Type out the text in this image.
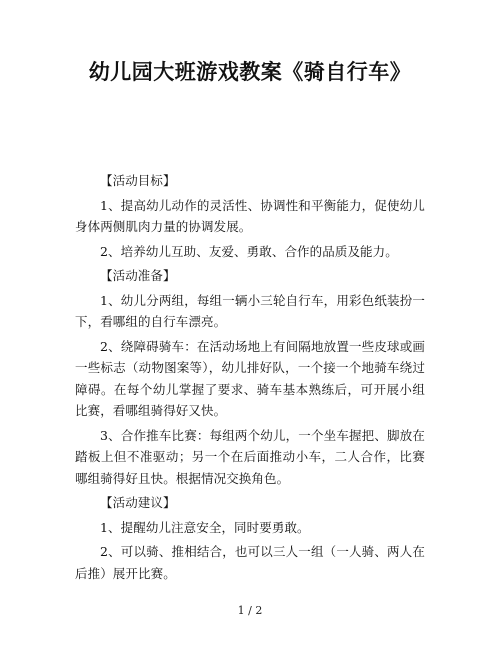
幼儿园大班游戏教案《骑自行车》

【活动目标】

1、提高幼儿动作的灵活性、协调性和平衡能力，促使幼儿身体两侧肌肉力量的协调发展。

2、培养幼儿互助、友爱、勇敢、合作的品质及能力。

【活动准备】

1、幼儿分两组，每组一辆小三轮自行车，用彩色纸装扮一下，看哪组的自行车漂亮。

2、绕障碍骑车：在活动场地上有间隔地放置一些皮球或画一些标志（动物图案等），幼儿排好队，一个接一个地骑车绕过障碍。在每个幼儿掌握了要求、骑车基本熟练后，可开展小组比赛，看哪组骑得好又快。

3、合作推车比赛：每组两个幼儿，一个坐车握把、脚放在踏板上但不准驱动；另一个在后面推动小车，二人合作，比赛哪组骑得好且快。根据情况交换角色。

【活动建议】

1、提醒幼儿注意安全，同时要勇敢。

2、可以骑、推相结合，也可以三人一组（一人骑、两人在后推）展开比赛。

1 / 2
